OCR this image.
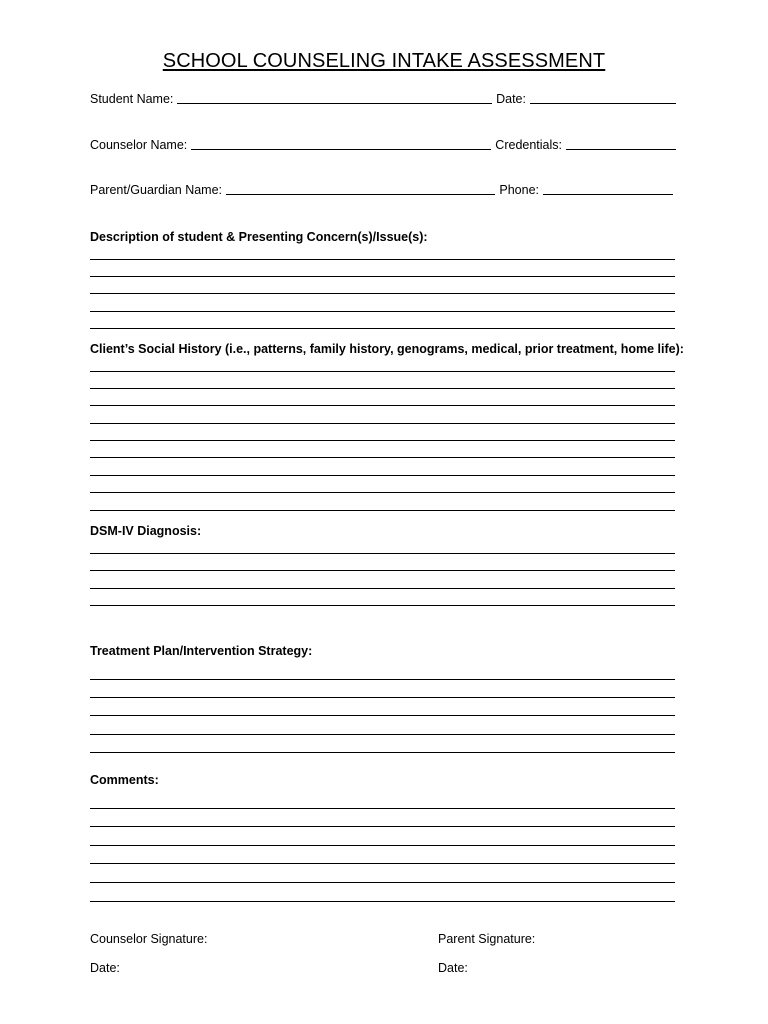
SCHOOL COUNSELING INTAKE ASSESSMENT
Student Name:	Date:
Counselor Name:	Credentials:
Parent/Guardian Name:	Phone:
Description of student & Presenting Concern(s)/Issue(s):
Client’s Social History (i.e., patterns, family history, genograms, medical, prior treatment, home life):
DSM-IV Diagnosis:
Treatment Plan/Intervention Strategy:
Comments:
Counselor Signature:	Parent Signature:
Date:	Date:
